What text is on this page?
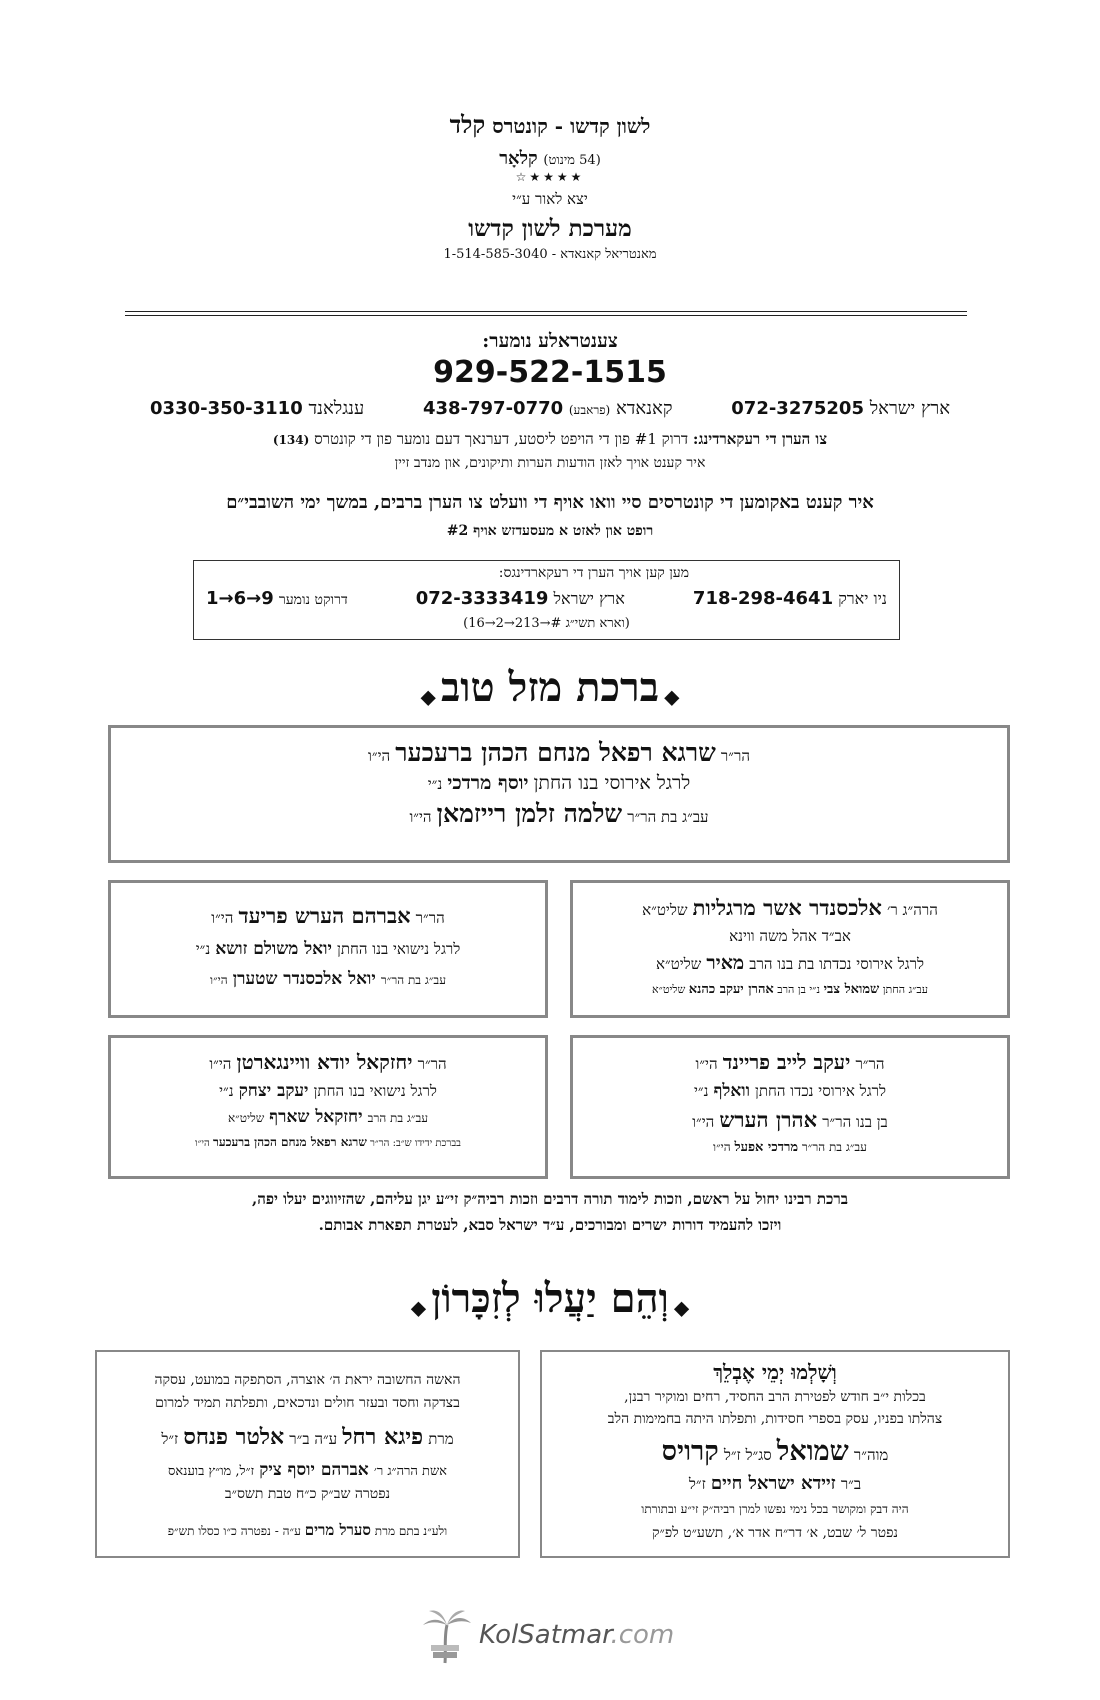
לשון קדשו - קונטרס קלד
(54 מינוט) קלאָר
★★★★☆
יצא לאור ע״י
מערכת לשון קדשו
מאנטריאל קאנאדא - 1-514-585-3040
צענטראלע נומער:
929-522-1515
ארץ ישראל 072-3275205
קאנאדא (פראבע) 438-797-0770
ענגלאנד 0330-350-3110
צו הערן די רעקארדינג: דרוק #1 פון די הויפט ליסטע, דערנאך דעם נומער פון די קונטרס (134)
איר קענט אויך לאזן הודעות הערות ותיקונים, און מנדב זיין
איר קענט באקומען די קונטרסים סיי וואו אויף די וועלט צו הערן ברבים, במשך ימי השובבי״ם
רופט און לאזט א מעסעדזש אויף #2
מען קען אויך הערן די רעקארדינגס:
ניו יארק 718-298-4641
ארץ ישראל 072-3333419
דרוקט נומער 1→6→9
(וארא תשי״ג #→213→2→16)
◆ ברכת מזל טוב ◆
הר״ר שרגא רפאל מנחם הכהן ברעכער הי״ו
לרגל אירוסי בנו החתן יוסף מרדכי נ״י
עב״ג בת הר״ר שלמה זלמן רייזמאן הי״ו
הרה״ג ר׳ אלכסנדר אשר מרגליות שליט״א
אב״ד אהל משה ווינא
לרגל אירוסי נכדתו בת בנו הרב מאיר שליט״א
עב״ג החתן שמואל צבי נ״י בן הרב אהרן יעקב כהנא שליט״א
הר״ר אברהם הערש פריעד הי״ו
לרגל נישואי בנו החתן יואל משולם זושא נ״י
עב״ג בת הר״ר יואל אלכסנדר שטערן הי״ו
הר״ר יעקב לייב פריינד הי״ו
לרגל אירוסי נכדו החתן וואלף נ״י
בן בנו הר״ר אהרן הערש הי״ו
עב״ג בת הר״ר מרדכי אפעל הי״ו
הר״ר יחזקאל יודא וויינגארטן הי״ו
לרגל נישואי בנו החתן יעקב יצחק נ״י
עב״ג בת הרב יחזקאל שארף שליט״א
בברכת ידידו ש״ב: הר״ר שרגא רפאל מנחם הכהן ברעכער הי״ו
ברכת רבינו יחול על ראשם, וזכות לימוד תורה דרבים וזכות רביה״ק זי״ע יגן עליהם, שהזיווגים יעלו יפה,
ויזכו להעמיד דורות ישרים ומבורכים, ע״ד ישראל סבא, לעטרת תפארת אבותם.
◆ וְהֵם יַעֲלוּ לְזִכָּרוֹן ◆
וְשָׁלְמוּ יְמֵי אֶבְלֵךְ
בכלות י״ב חודש לפטירת הרב החסיד, רחים ומוקיר רבנן,
צהלתו בפניו, עסק בספרי חסידות, ותפלתו היתה בחמימות הלב
מוה״ר שמואל סג״ל ז״ל קרויס
ב״ר זיידא ישראל חיים ז״ל
היה דבק ומקושר בכל נימי נפשו למרן רביה״ק זי״ע ובתורתו
נפטר ל׳ שבט, א׳ דר״ח אדר א׳, תשע״ט לפ״ק
האשה החשובה יראת ה׳ אוצרה, הסתפקה במועט, עסקה
בצדקה וחסד ובעזר חולים ונדכאים, ותפלתה תמיד למרום
מרת פיגא רחל ע״ה ב״ר אלטר פנחס ז״ל
אשת הרה״ג ר׳ אברהם יוסף ציק ז״ל, מו״ץ בוענאס
נפטרה שב״ק כ״ח טבת תשס״ב
ולע״נ בתם מרת סערל מרים ע״ה - נפטרה כ״ו כסלו תש״פ
KolSatmar.com
